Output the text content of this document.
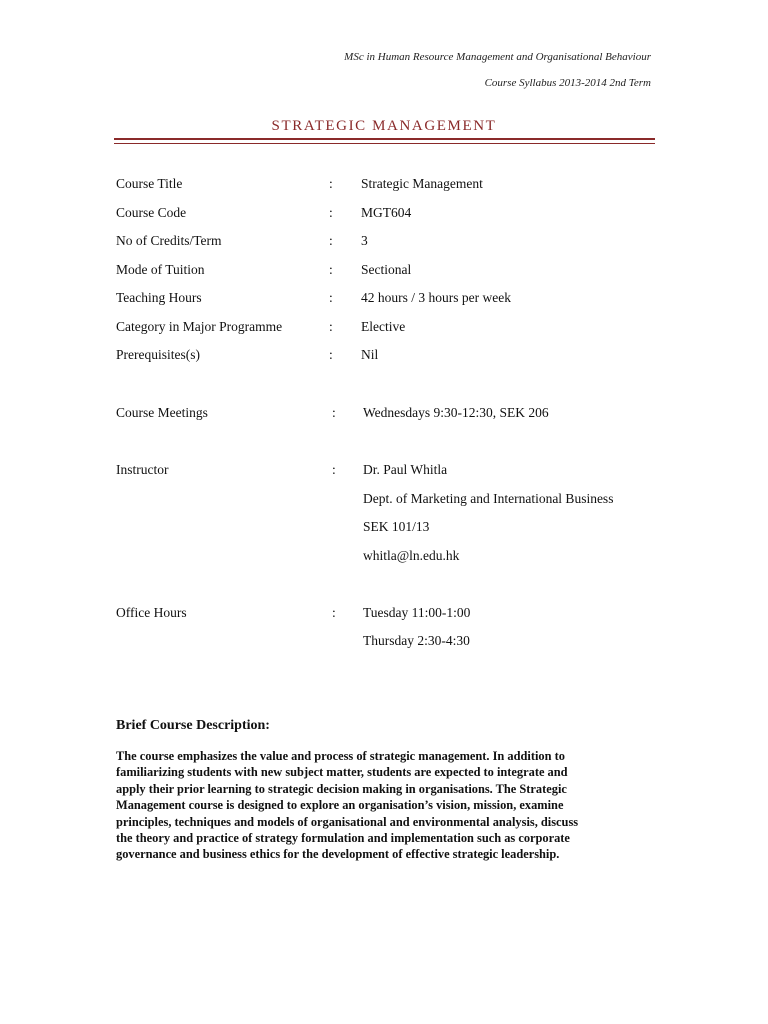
MSc in Human Resource Management and Organisational Behaviour
Course Syllabus 2013-2014 2nd Term
STRATEGIC MANAGEMENT
Course Title	: Strategic Management
Course Code	: MGT604
No of Credits/Term	: 3
Mode of Tuition	: Sectional
Teaching Hours	: 42 hours / 3 hours per week
Category in Major Programme	: Elective
Prerequisites(s)	: Nil
Course Meetings	: Wednesdays 9:30-12:30, SEK 206
Instructor	: Dr. Paul Whitla
Dept. of Marketing and International Business
SEK 101/13
whitla@ln.edu.hk
Office Hours	: Tuesday 11:00-1:00
Thursday 2:30-4:30
Brief Course Description:
The course emphasizes the value and process of strategic management. In addition to
familiarizing students with new subject matter, students are expected to integrate and
apply their prior learning to strategic decision making in organisations. The Strategic
Management course is designed to explore an organisation’s vision, mission, examine
principles, techniques and models of organisational and environmental analysis, discuss
the theory and practice of strategy formulation and implementation such as corporate
governance and business ethics for the development of effective strategic leadership.
